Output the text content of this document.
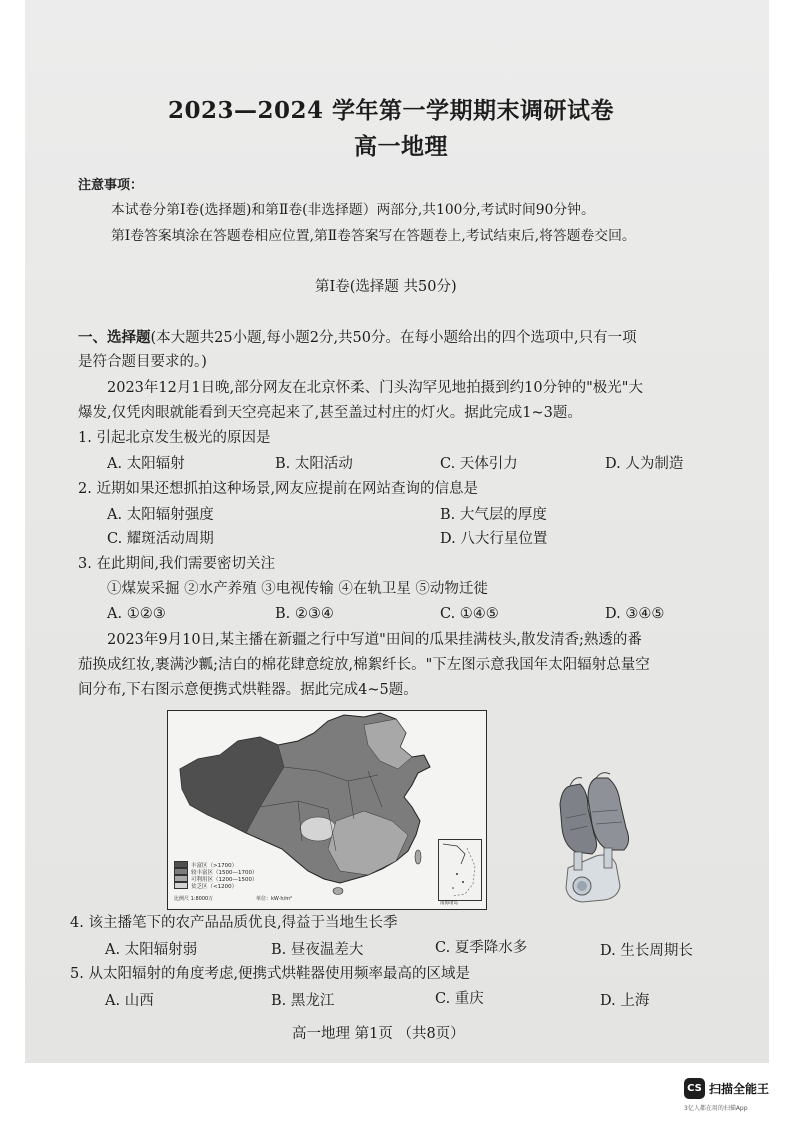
2023—2024 学年第一学期期末调研试卷
高一地理
注意事项：
本试卷分第Ⅰ卷(选择题)和第Ⅱ卷(非选择题）两部分,共100分,考试时间90分钟。
第Ⅰ卷答案填涂在答题卷相应位置,第Ⅱ卷答案写在答题卷上,考试结束后,将答题卷交回。
第Ⅰ卷(选择题 共50分)
一、选择题(本大题共25小题,每小题2分,共50分。在每小题给出的四个选项中,只有一项
是符合题目要求的。)
2023年12月1日晚,部分网友在北京怀柔、门头沟罕见地拍摄到约10分钟的"极光"大
爆发,仅凭肉眼就能看到天空亮起来了,甚至盖过村庄的灯火。据此完成1~3题。
1. 引起北京发生极光的原因是
A. 太阳辐射	B. 太阳活动	C. 天体引力	D. 人为制造
2. 近期如果还想抓拍这种场景,网友应提前在网站查询的信息是
A. 太阳辐射强度	B. 大气层的厚度
C. 耀斑活动周期	D. 八大行星位置
3. 在此期间,我们需要密切关注
①煤炭采掘 ②水产养殖 ③电视传输 ④在轨卫星 ⑤动物迁徙
A. ①②③	B. ②③④	C. ①④⑤	D. ③④⑤
2023年9月10日,某主播在新疆之行中写道"田间的瓜果挂满枝头,散发清香;熟透的番
茄换成红妆,裹满沙瓤;洁白的棉花肆意绽放,棉絮纤长。"下左图示意我国年太阳辐射总量空
间分布,下右图示意便携式烘鞋器。据此完成4~5题。
丰富区（>1700）
较丰富区（1500—1700）
可利用区（1200—1500）
贫乏区（<1200）
比例尺 1:8000万	单位：kW·h/m²
南海诸岛
4. 该主播笔下的农产品品质优良,得益于当地生长季
A. 太阳辐射弱	B. 昼夜温差大	C. 夏季降水多	D. 生长周期长
5. 从太阳辐射的角度考虑,便携式烘鞋器使用频率最高的区域是
A. 山西	B. 黑龙江	C. 重庆	D. 上海
高一地理 第1页 （共8页）
CS 扫描全能王
3亿人都在用的扫描App
